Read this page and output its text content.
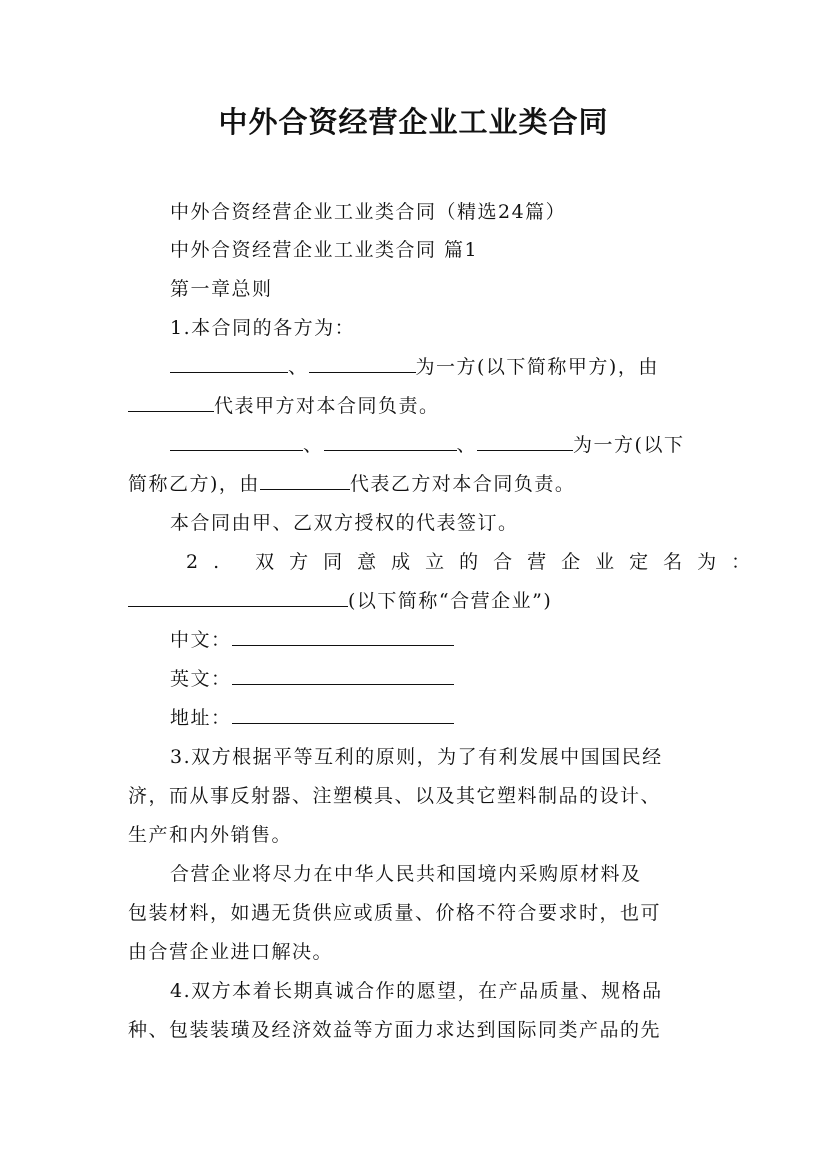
中外合资经营企业工业类合同
中外合资经营企业工业类合同（精选24篇）
中外合资经营企业工业类合同 篇1
第一章总则
1.本合同的各方为：
、	为一方(以下简称甲方)，由
代表甲方对本合同负责。
、	、	为一方(以下
简称乙方)，由	代表乙方对本合同负责。
本合同由甲、乙双方授权的代表签订。
2. 双方同意成立的合营企业定名为：
(以下简称“合营企业”)
中文：
英文：
地址：
3.双方根据平等互利的原则，为了有利发展中国国民经
济，而从事反射器、注塑模具、以及其它塑料制品的设计、
生产和内外销售。
合营企业将尽力在中华人民共和国境内采购原材料及
包装材料，如遇无货供应或质量、价格不符合要求时，也可
由合营企业进口解决。
4.双方本着长期真诚合作的愿望，在产品质量、规格品
种、包装装璜及经济效益等方面力求达到国际同类产品的先
